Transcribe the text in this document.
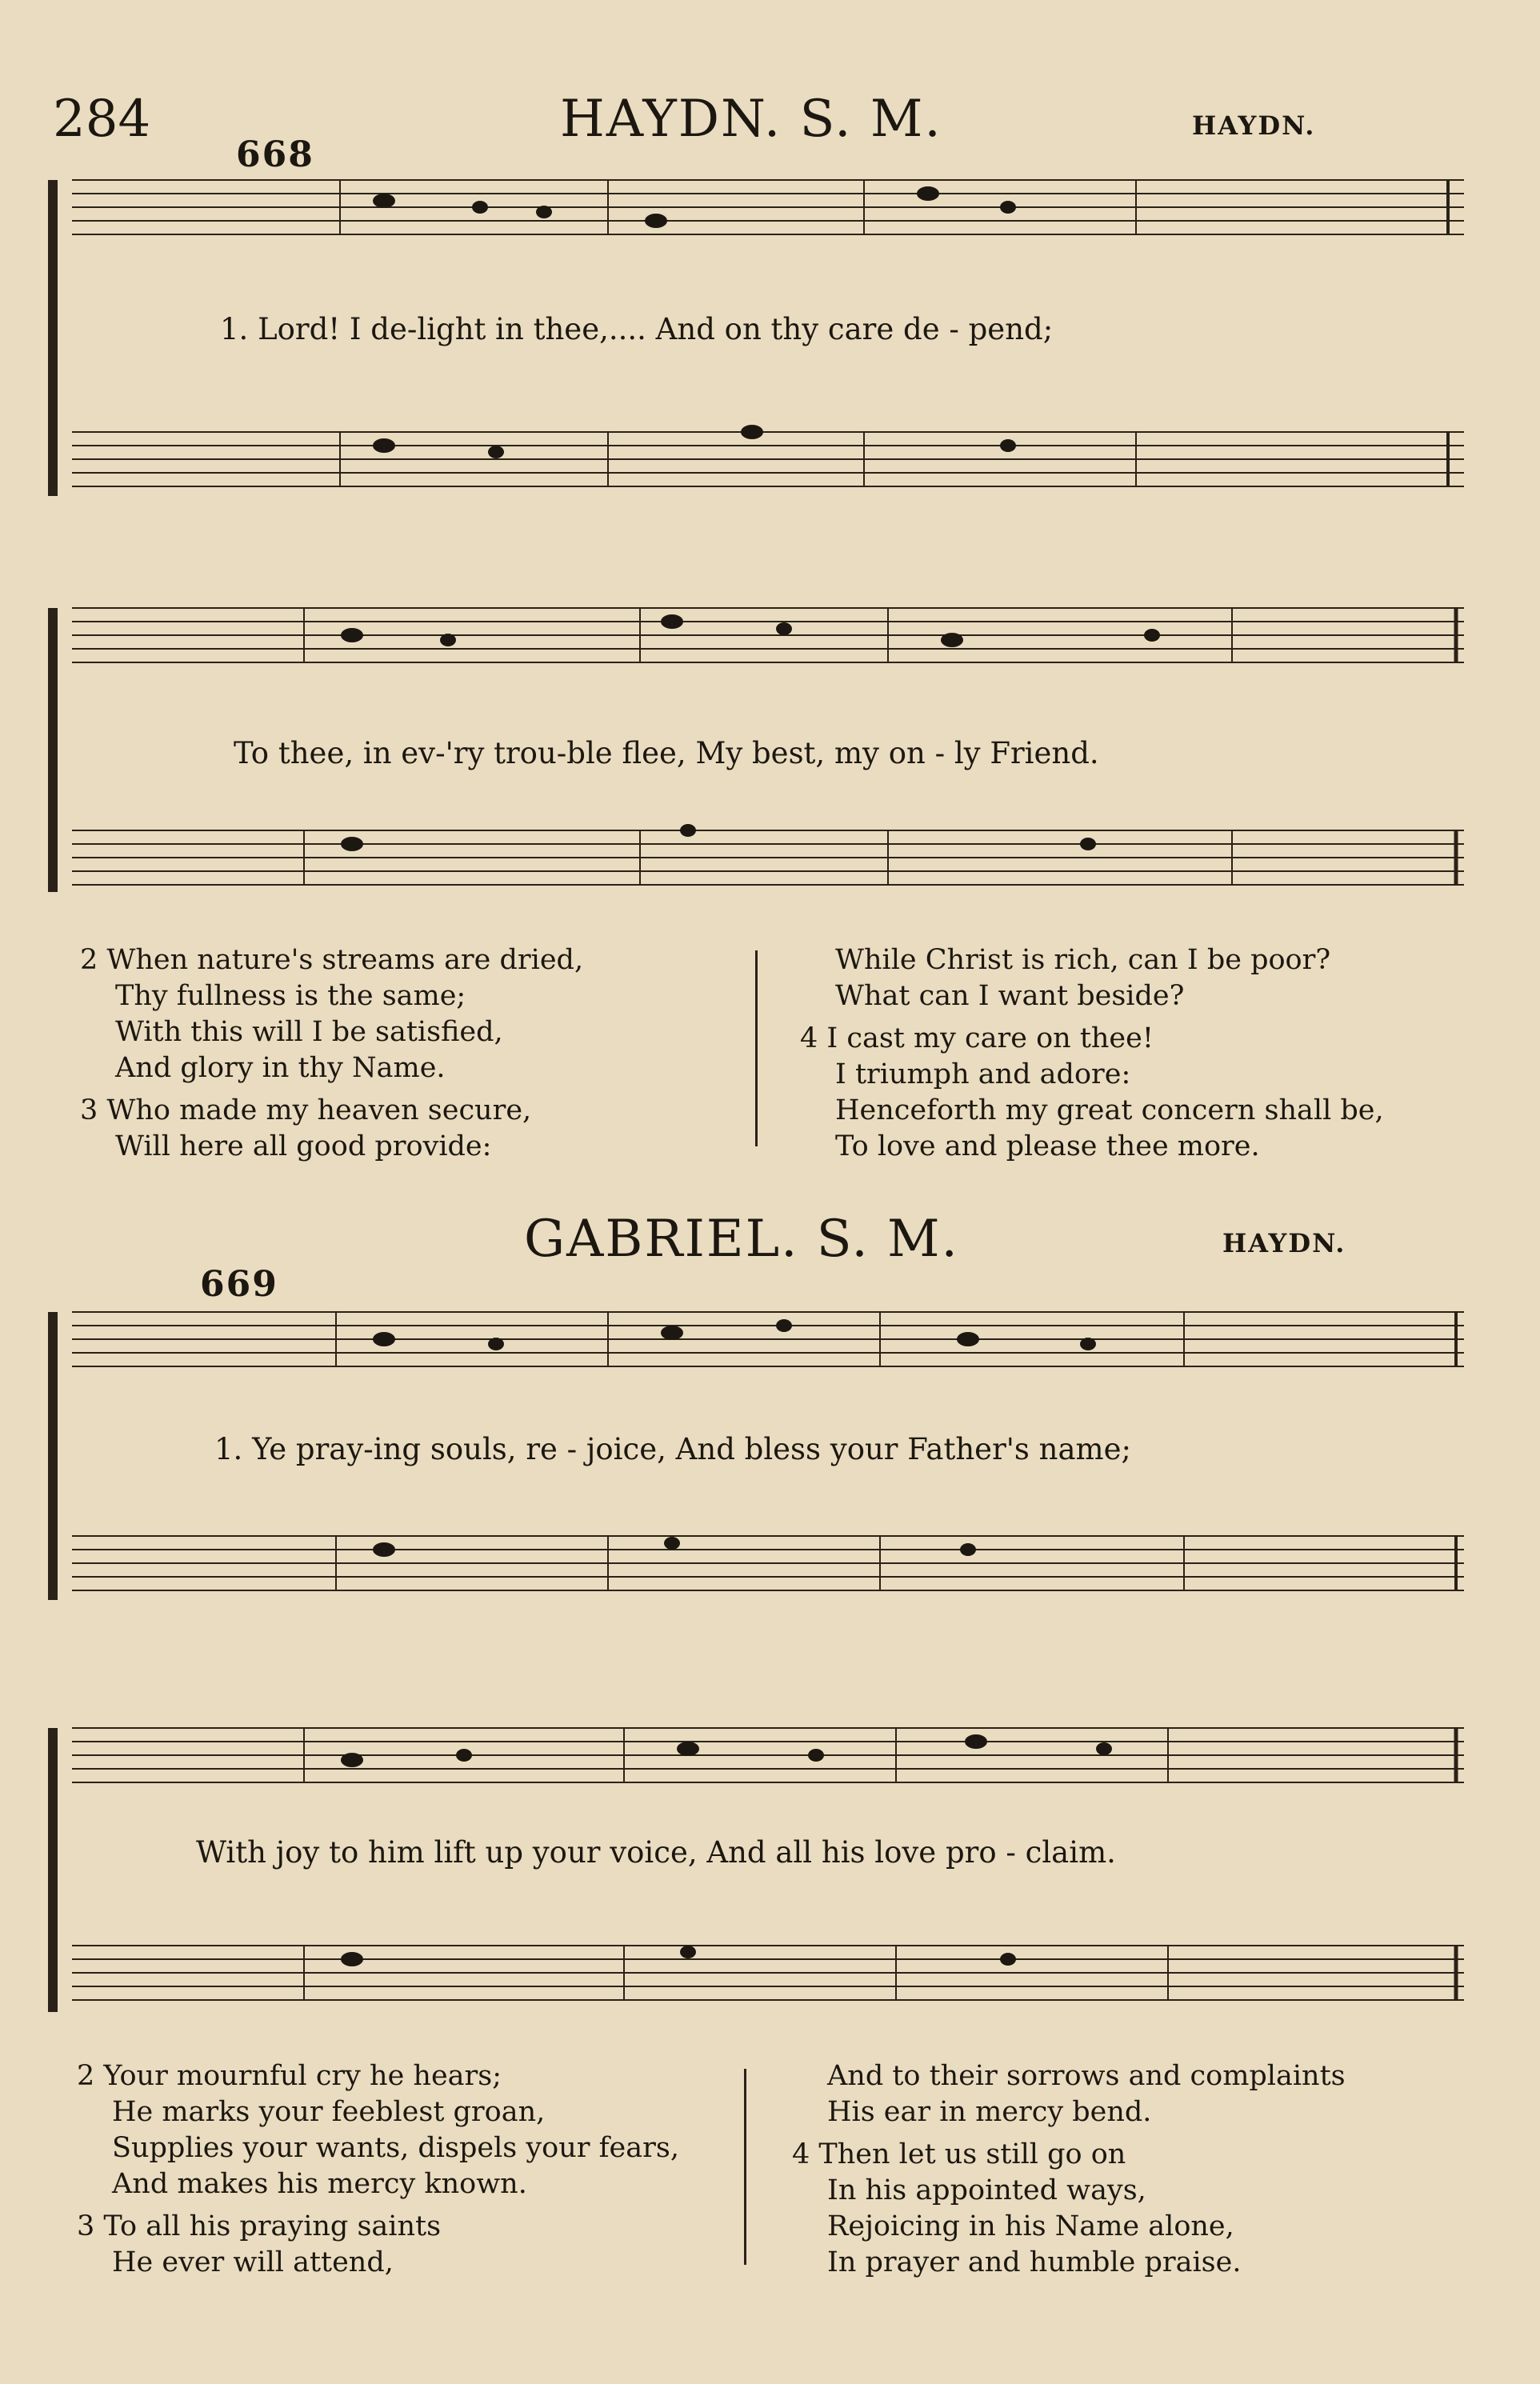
284	HAYDN. S. M.	HAYDN.
668
1. Lord! I de-light in thee,.... And on thy care de - pend;
To thee, in ev-'ry trou-ble flee, My best, my on - ly Friend.
2 When nature's streams are dried,
Thy fullness is the same;
With this will I be satisfied,
And glory in thy Name.
3 Who made my heaven secure,
Will here all good provide:
While Christ is rich, can I be poor?
What can I want beside?
4 I cast my care on thee!
I triumph and adore:
Henceforth my great concern shall be,
To love and please thee more.
GABRIEL. S. M.	HAYDN.
669
1. Ye pray-ing souls, re - joice, And bless your Father's name;
With joy to him lift up your voice, And all his love pro - claim.
2 Your mournful cry he hears;
He marks your feeblest groan,
Supplies your wants, dispels your fears,
And makes his mercy known.
3 To all his praying saints
He ever will attend,
And to their sorrows and complaints
His ear in mercy bend.
4 Then let us still go on
In his appointed ways,
Rejoicing in his Name alone,
In prayer and humble praise.
